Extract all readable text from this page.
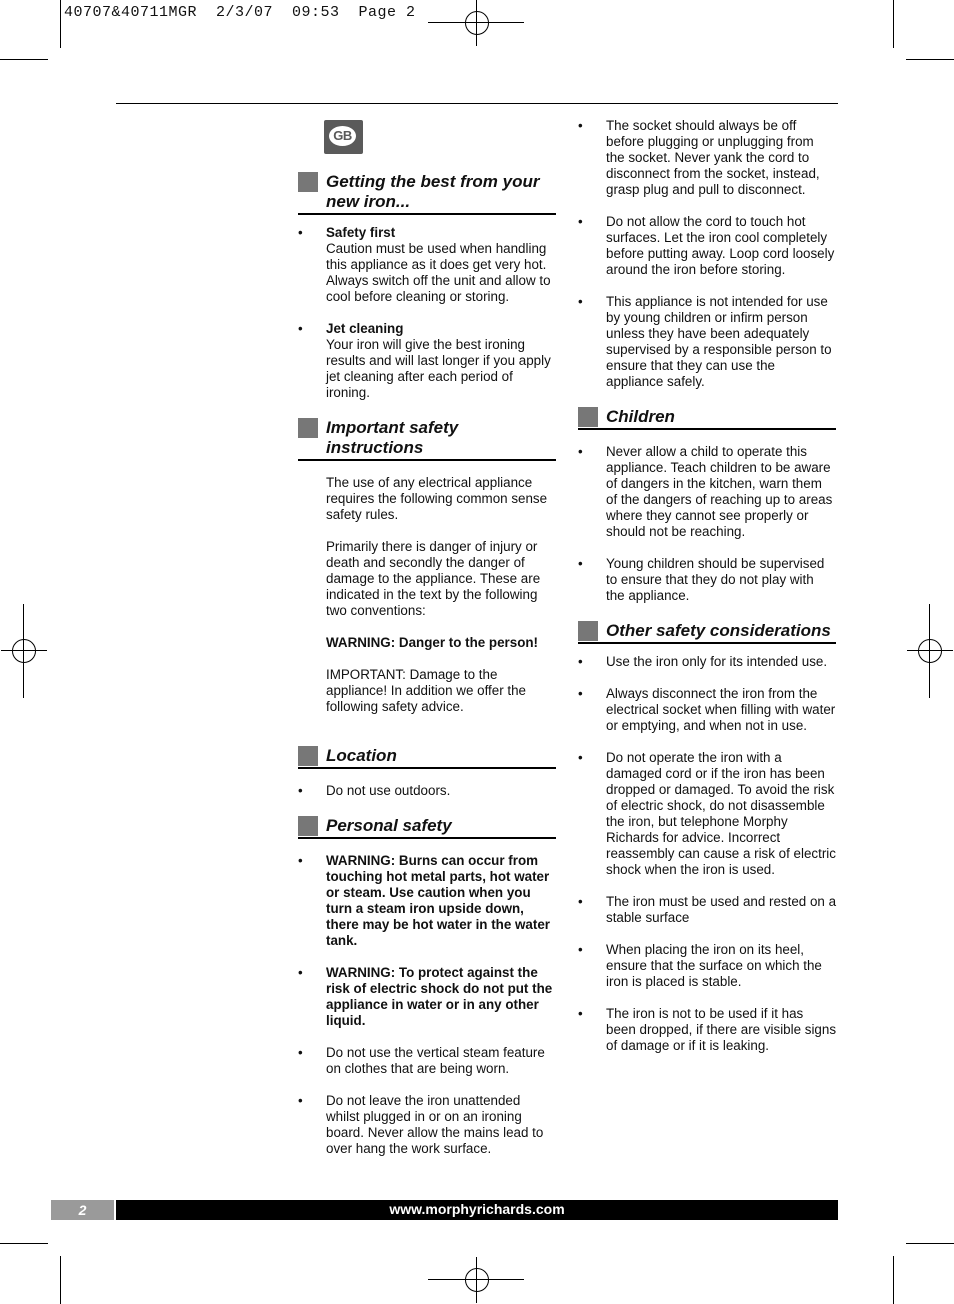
40707&40711MGR  2/3/07  09:53  Page 2
GB
Getting the best from your new iron...
• Safety first
Caution must be used when handling this appliance as it does get very hot. Always switch off the unit and allow to cool before cleaning or storing.
• Jet cleaning
Your iron will give the best ironing results and will last longer if you apply jet cleaning after each period of ironing.
Important safety instructions
The use of any electrical appliance requires the following common sense safety rules.
Primarily there is danger of injury or death and secondly the danger of damage to the appliance. These are indicated in the text by the following two conventions:
WARNING: Danger to the person!
IMPORTANT: Damage to the appliance! In addition we offer the following safety advice.
Location
• Do not use outdoors.
Personal safety
• WARNING: Burns can occur from touching hot metal parts, hot water or steam. Use caution when you turn a steam iron upside down, there may be hot water in the water tank.
• WARNING: To protect against the risk of electric shock do not put the appliance in water or in any other liquid.
• Do not use the vertical steam feature on clothes that are being worn.
• Do not leave the iron unattended whilst plugged in or on an ironing board. Never allow the mains lead to over hang the work surface.
• The socket should always be off before plugging or unplugging from the socket. Never yank the cord to disconnect from the socket, instead, grasp plug and pull to disconnect.
• Do not allow the cord to touch hot surfaces. Let the iron cool completely before putting away. Loop cord loosely around the iron before storing.
• This appliance is not intended for use by young children or infirm person unless they have been adequately supervised by a responsible person to ensure that they can use the appliance safely.
Children
• Never allow a child to operate this appliance. Teach children to be aware of dangers in the kitchen, warn them of the dangers of reaching up to areas where they cannot see properly or should not be reaching.
• Young children should be supervised to ensure that they do not play with the appliance.
Other safety considerations
• Use the iron only for its intended use.
• Always disconnect the iron from the electrical socket when filling with water or emptying, and when not in use.
• Do not operate the iron with a damaged cord or if the iron has been dropped or damaged. To avoid the risk of electric shock, do not disassemble the iron, but telephone Morphy Richards for advice. Incorrect reassembly can cause a risk of electric shock when the iron is used.
• The iron must be used and rested on a stable surface
• When placing the iron on its heel, ensure that the surface on which the iron is placed is stable.
• The iron is not to be used if it has been dropped, if there are visible signs of damage or if it is leaking.
2	www.morphyrichards.com
